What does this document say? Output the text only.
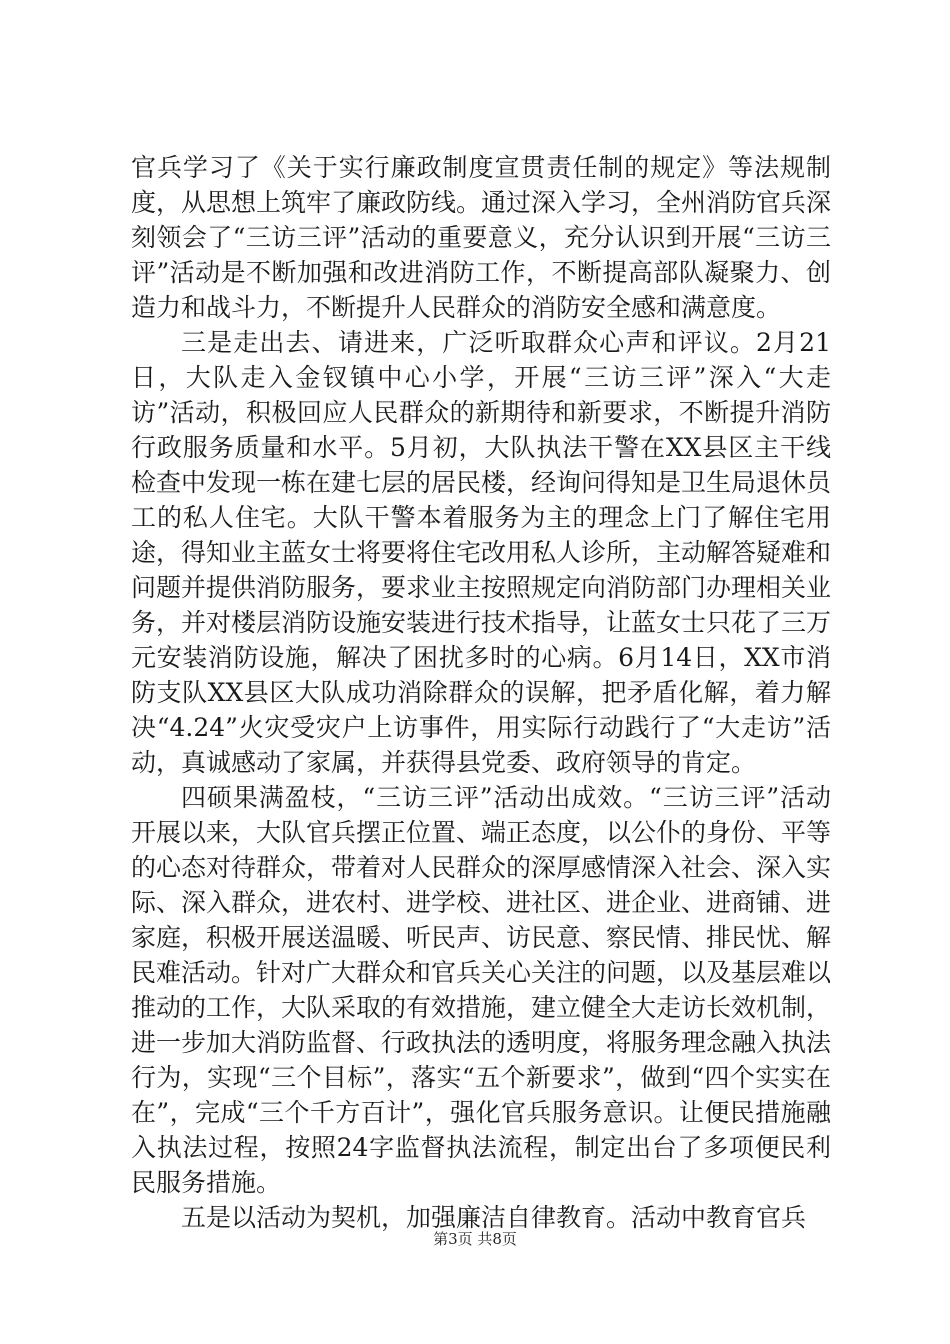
官兵学习了《关于实行廉政制度宣贯责任制的规定》等法规制度，从思想上筑牢了廉政防线。通过深入学习，全州消防官兵深刻领会了“三访三评”活动的重要意义，充分认识到开展“三访三评”活动是不断加强和改进消防工作，不断提高部队凝聚力、创造力和战斗力，不断提升人民群众的消防安全感和满意度。

三是走出去、请进来，广泛听取群众心声和评议。2月21日，大队走入金钗镇中心小学，开展“三访三评”深入“大走访”活动，积极回应人民群众的新期待和新要求，不断提升消防行政服务质量和水平。5月初，大队执法干警在XX县区主干线检查中发现一栋在建七层的居民楼，经询问得知是卫生局退休员工的私人住宅。大队干警本着服务为主的理念上门了解住宅用途，得知业主蓝女士将要将住宅改用私人诊所，主动解答疑难和问题并提供消防服务，要求业主按照规定向消防部门办理相关业务，并对楼层消防设施安装进行技术指导，让蓝女士只花了三万元安装消防设施，解决了困扰多时的心病。6月14日，XX市消防支队XX县区大队成功消除群众的误解，把矛盾化解，着力解决“4.24”火灾受灾户上访事件，用实际行动践行了“大走访”活动，真诚感动了家属，并获得县党委、政府领导的肯定。

四硕果满盈枝，“三访三评”活动出成效。“三访三评”活动开展以来，大队官兵摆正位置、端正态度，以公仆的身份、平等的心态对待群众，带着对人民群众的深厚感情深入社会、深入实际、深入群众，进农村、进学校、进社区、进企业、进商铺、进家庭，积极开展送温暖、听民声、访民意、察民情、排民忧、解民难活动。针对广大群众和官兵关心关注的问题，以及基层难以推动的工作，大队采取的有效措施，建立健全大走访长效机制，进一步加大消防监督、行政执法的透明度，将服务理念融入执法行为，实现“三个目标”，落实“五个新要求”，做到“四个实实在在”，完成“三个千方百计”，强化官兵服务意识。让便民措施融入执法过程，按照24字监督执法流程，制定出台了多项便民利民服务措施。

五是以活动为契机，加强廉洁自律教育。活动中教育官兵

第3页 共8页
